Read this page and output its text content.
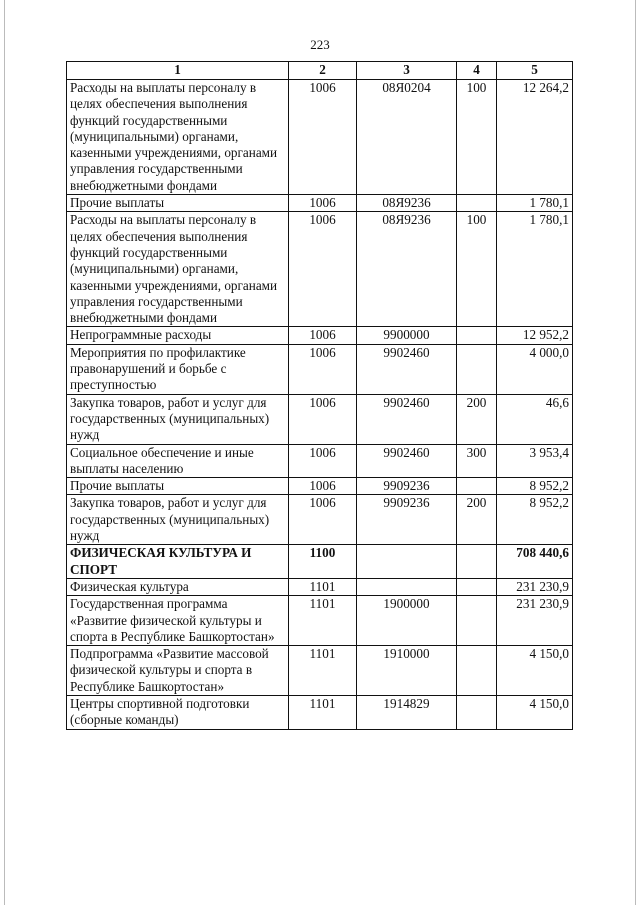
223
1	2	3	4	5
Расходы на выплаты персоналу в целях обеспечения выполнения функций государственными (муниципальными) органами, казенными учреждениями, органами управления государственными внебюджетными фондами	1006	08Я0204	100	12 264,2
Прочие выплаты	1006	08Я9236		1 780,1
Расходы на выплаты персоналу в целях обеспечения выполнения функций государственными (муниципальными) органами, казенными учреждениями, органами управления государственными внебюджетными фондами	1006	08Я9236	100	1 780,1
Непрограммные расходы	1006	9900000		12 952,2
Мероприятия по профилактике правонарушений и борьбе с преступностью	1006	9902460		4 000,0
Закупка товаров, работ и услуг для государственных (муниципальных) нужд	1006	9902460	200	46,6
Социальное обеспечение и иные выплаты населению	1006	9902460	300	3 953,4
Прочие выплаты	1006	9909236		8 952,2
Закупка товаров, работ и услуг для государственных (муниципальных) нужд	1006	9909236	200	8 952,2
ФИЗИЧЕСКАЯ КУЛЬТУРА И СПОРТ	1100			708 440,6
Физическая культура	1101			231 230,9
Государственная программа «Развитие физической культуры и спорта в Республике Башкортостан»	1101	1900000		231 230,9
Подпрограмма «Развитие массовой физической культуры и спорта в Республике Башкортостан»	1101	1910000		4 150,0
Центры спортивной подготовки (сборные команды)	1101	1914829		4 150,0
